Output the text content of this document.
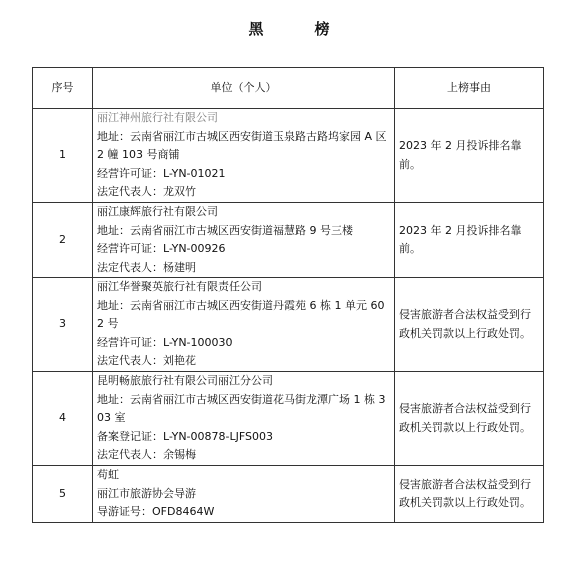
黑　榜
序号	单位（个人）	上榜事由
1	丽江神州旅行社有限公司
地址：云南省丽江市古城区西安街道玉泉路古路坞家园 A 区 2 幢 103 号商铺
经营许可证：L-YN-01021
法定代表人：龙双竹	2023 年 2 月投诉排名靠前。
2	丽江康辉旅行社有限公司
地址：云南省丽江市古城区西安街道福慧路 9 号三楼
经营许可证：L-YN-00926
法定代表人：杨建明	2023 年 2 月投诉排名靠前。
3	丽江华誉聚英旅行社有限责任公司
地址：云南省丽江市古城区西安街道丹霞苑 6 栋 1 单元 602 号
经营许可证：L-YN-100030
法定代表人：刘艳花	侵害旅游者合法权益受到行政机关罚款以上行政处罚。
4	昆明畅旅旅行社有限公司丽江分公司
地址：云南省丽江市古城区西安街道花马街龙潭广场 1 栋 303 室
备案登记证：L-YN-00878-LJFS003
法定代表人：余锡梅	侵害旅游者合法权益受到行政机关罚款以上行政处罚。
5	苟虹
丽江市旅游协会导游
导游证号：OFD8464W	侵害旅游者合法权益受到行政机关罚款以上行政处罚。
